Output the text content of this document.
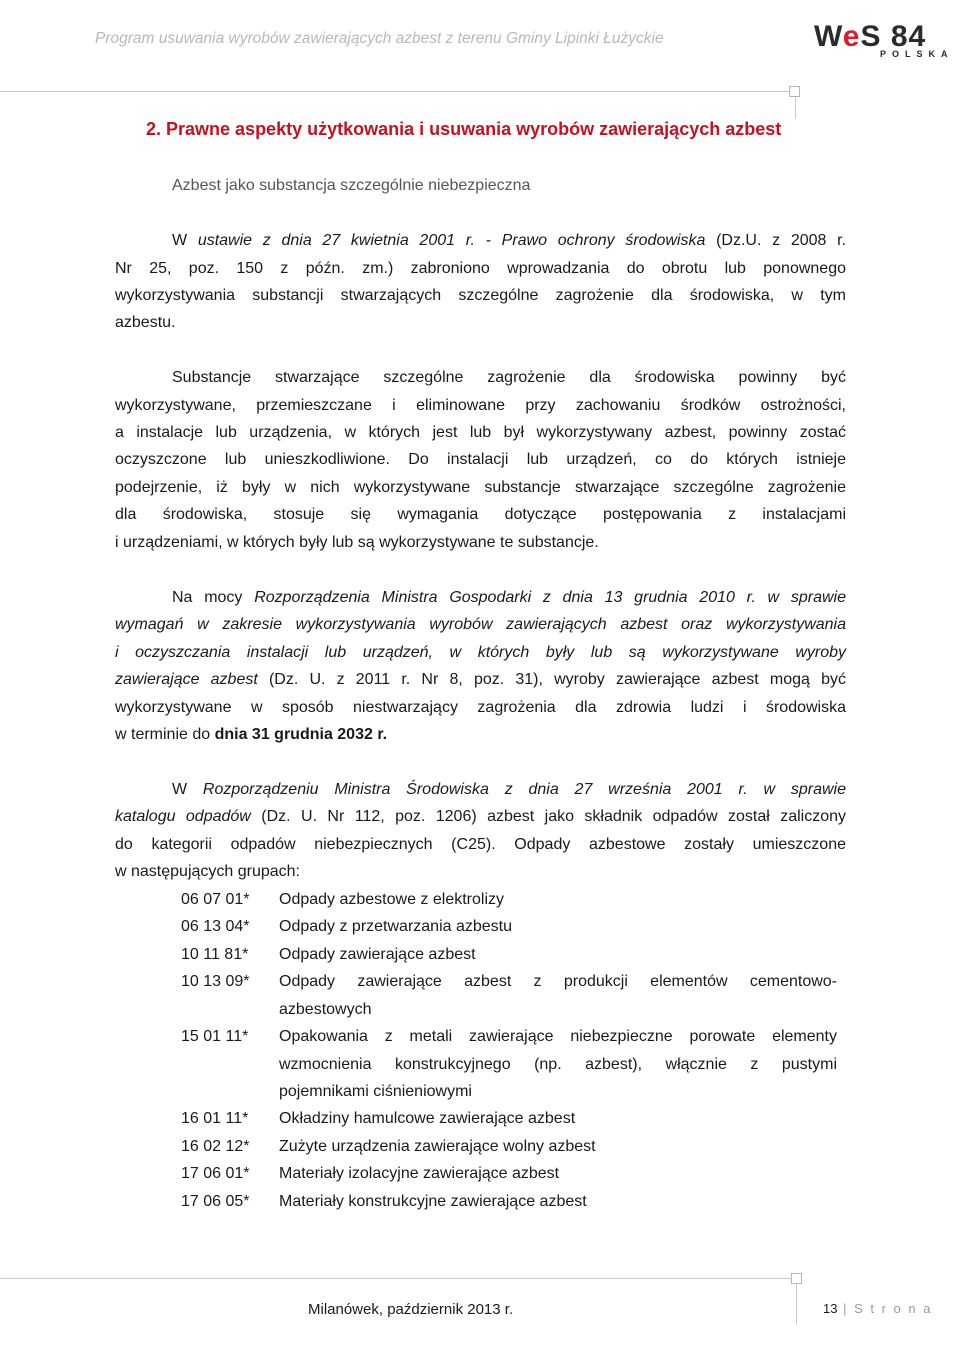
Program usuwania wyrobów zawierających azbest z terenu Gminy Lipinki Łużyckie	WeS 84
POLSKA
2. Prawne aspekty użytkowania i usuwania wyrobów zawierających azbest
Azbest jako substancja szczególnie niebezpieczna
W ustawie z dnia 27 kwietnia 2001 r. - Prawo ochrony środowiska (Dz.U. z 2008 r.
Nr 25, poz. 150 z późn. zm.) zabroniono wprowadzania do obrotu lub ponownego
wykorzystywania substancji stwarzających szczególne zagrożenie dla środowiska, w tym
azbestu.
Substancje stwarzające szczególne zagrożenie dla środowiska powinny być
wykorzystywane, przemieszczane i eliminowane przy zachowaniu środków ostrożności,
a instalacje lub urządzenia, w których jest lub był wykorzystywany azbest, powinny zostać
oczyszczone lub unieszkodliwione. Do instalacji lub urządzeń, co do których istnieje
podejrzenie, iż były w nich wykorzystywane substancje stwarzające szczególne zagrożenie
dla środowiska, stosuje się wymagania dotyczące postępowania z instalacjami
i urządzeniami, w których były lub są wykorzystywane te substancje.
Na mocy Rozporządzenia Ministra Gospodarki z dnia 13 grudnia 2010 r. w sprawie
wymagań w zakresie wykorzystywania wyrobów zawierających azbest oraz wykorzystywania
i oczyszczania instalacji lub urządzeń, w których były lub są wykorzystywane wyroby
zawierające azbest (Dz. U. z 2011 r. Nr 8, poz. 31), wyroby zawierające azbest mogą być
wykorzystywane w sposób niestwarzający zagrożenia dla zdrowia ludzi i środowiska
w terminie do dnia 31 grudnia 2032 r.
W Rozporządzeniu Ministra Środowiska z dnia 27 września 2001 r. w sprawie
katalogu odpadów (Dz. U. Nr 112, poz. 1206) azbest jako składnik odpadów został zaliczony
do kategorii odpadów niebezpiecznych (C25). Odpady azbestowe zostały umieszczone
w następujących grupach:
06 07 01* Odpady azbestowe z elektrolizy
06 13 04* Odpady z przetwarzania azbestu
10 11 81* Odpady zawierające azbest
10 13 09* Odpady zawierające azbest z produkcji elementów cementowo-
azbestowych
15 01 11* Opakowania z metali zawierające niebezpieczne porowate elementy
wzmocnienia konstrukcyjnego (np. azbest), włącznie z pustymi
pojemnikami ciśnieniowymi
16 01 11* Okładziny hamulcowe zawierające azbest
16 02 12* Zużyte urządzenia zawierające wolny azbest
17 06 01* Materiały izolacyjne zawierające azbest
17 06 05* Materiały konstrukcyjne zawierające azbest
Milanówek, październik 2013 r.	13 | S t r o n a
